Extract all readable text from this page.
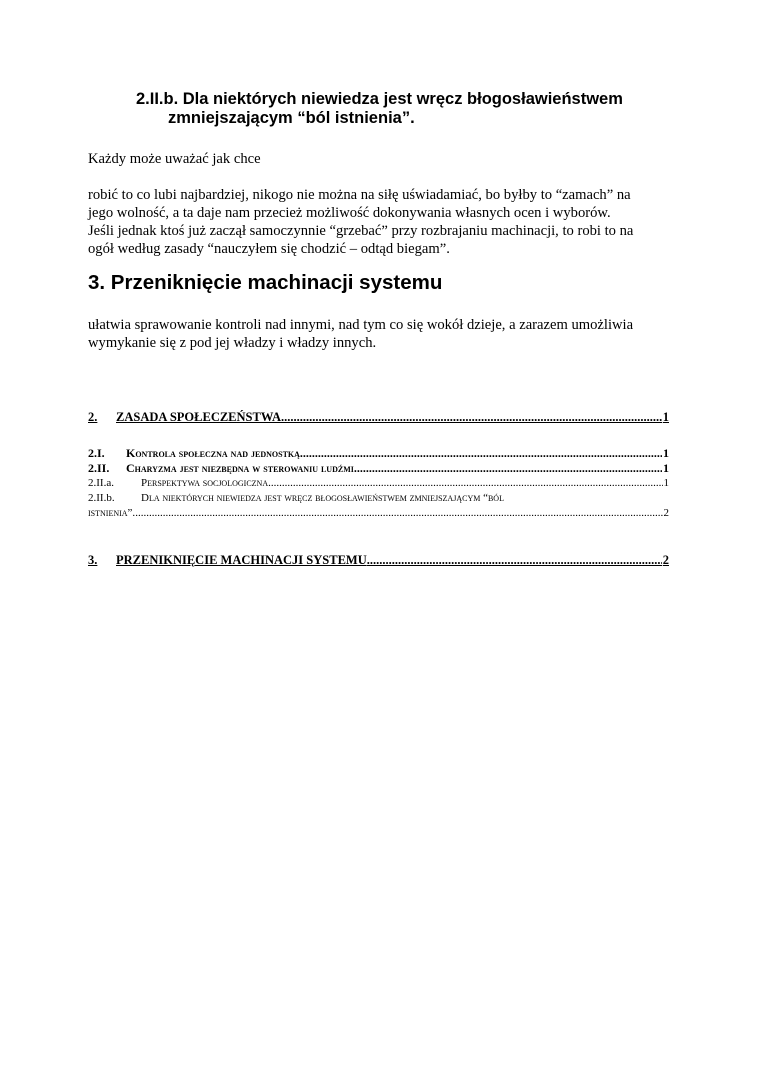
2.II.b. Dla niektórych niewiedza jest wręcz błogosławieństwem
zmniejszającym “ból istnienia”.
Każdy może uważać jak chce
robić to co lubi najbardziej, nikogo nie można na siłę uświadamiać, bo byłby to “zamach” na
jego wolność, a ta daje nam przecież możliwość dokonywania własnych ocen i wyborów.
Jeśli jednak ktoś już zaczął samoczynnie “grzebać” przy rozbrajaniu machinacji, to robi to na
ogół według zasady “nauczyłem się chodzić – odtąd biegam”.
3. Przeniknięcie machinacji systemu
ułatwia sprawowanie kontroli nad innymi, nad tym co się wokół dzieje, a zarazem umożliwia
wymykanie się z pod jej władzy i władzy innych.
2.	ZASADA SPOŁECZEŃSTWA .....	1
2.I.	Kontrola społeczna nad jednostką .....	1
2.II.	Charyzma jest niezbędna w sterowaniu ludźmi .....	1
2.II.a.	Perspektywa socjologiczna .....	1
2.II.b. Dla niektórych niewiedza jest wręcz błogosławieństwem zmniejszającym “ból
istnienia”. .....	2
3.	PRZENIKNIĘCIE MACHINACJI SYSTEMU .....	2
